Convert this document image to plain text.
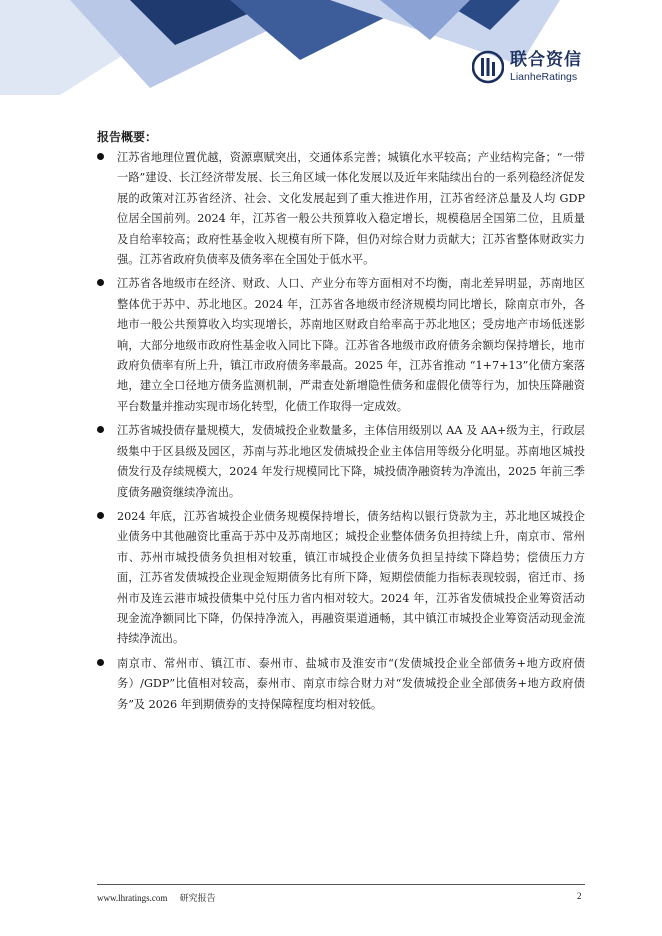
联合资信
LianheRatings
报告概要：
江苏省地理位置优越，资源禀赋突出，交通体系完善；城镇化水平较高；产业结构完备；“一带一路”建设、长江经济带发展、长三角区域一体化发展以及近年来陆续出台的一系列稳经济促发展的政策对江苏省经济、社会、文化发展起到了重大推进作用，江苏省经济总量及人均 GDP 位居全国前列。2024 年，江苏省一般公共预算收入稳定增长，规模稳居全国第二位，且质量及自给率较高；政府性基金收入规模有所下降，但仍对综合财力贡献大；江苏省整体财政实力强。江苏省政府负债率及债务率在全国处于低水平。
江苏省各地级市在经济、财政、人口、产业分布等方面相对不均衡，南北差异明显，苏南地区整体优于苏中、苏北地区。2024 年，江苏省各地级市经济规模均同比增长，除南京市外，各地市一般公共预算收入均实现增长，苏南地区财政自给率高于苏北地区；受房地产市场低迷影响，大部分地级市政府性基金收入同比下降。江苏省各地级市政府债务余额均保持增长，地市政府负债率有所上升，镇江市政府债务率最高。2025 年，江苏省推动 “1+7+13”化债方案落地，建立全口径地方债务监测机制，严肃查处新增隐性债务和虚假化债等行为，加快压降融资平台数量并推动实现市场化转型，化债工作取得一定成效。
江苏省城投债存量规模大，发债城投企业数量多，主体信用级别以 AA 及 AA+级为主，行政层级集中于区县级及园区，苏南与苏北地区发债城投企业主体信用等级分化明显。苏南地区城投债发行及存续规模大，2024 年发行规模同比下降，城投债净融资转为净流出，2025 年前三季度债务融资继续净流出。
2024 年底，江苏省城投企业债务规模保持增长，债务结构以银行贷款为主，苏北地区城投企业债务中其他融资比重高于苏中及苏南地区；城投企业整体债务负担持续上升，南京市、常州市、苏州市城投债务负担相对较重，镇江市城投企业债务负担呈持续下降趋势；偿债压力方面，江苏省发债城投企业现金短期债务比有所下降，短期偿债能力指标表现较弱，宿迁市、扬州市及连云港市城投债集中兑付压力省内相对较大。2024 年，江苏省发债城投企业筹资活动现金流净额同比下降，仍保持净流入，再融资渠道通畅，其中镇江市城投企业筹资活动现金流持续净流出。
南京市、常州市、镇江市、泰州市、盐城市及淮安市“(发债城投企业全部债务+地方政府债务）/GDP”比值相对较高，泰州市、南京市综合财力对“发债城投企业全部债务+地方政府债务”及 2026 年到期债券的支持保障程度均相对较低。
www.lhratings.com 研究报告	2
